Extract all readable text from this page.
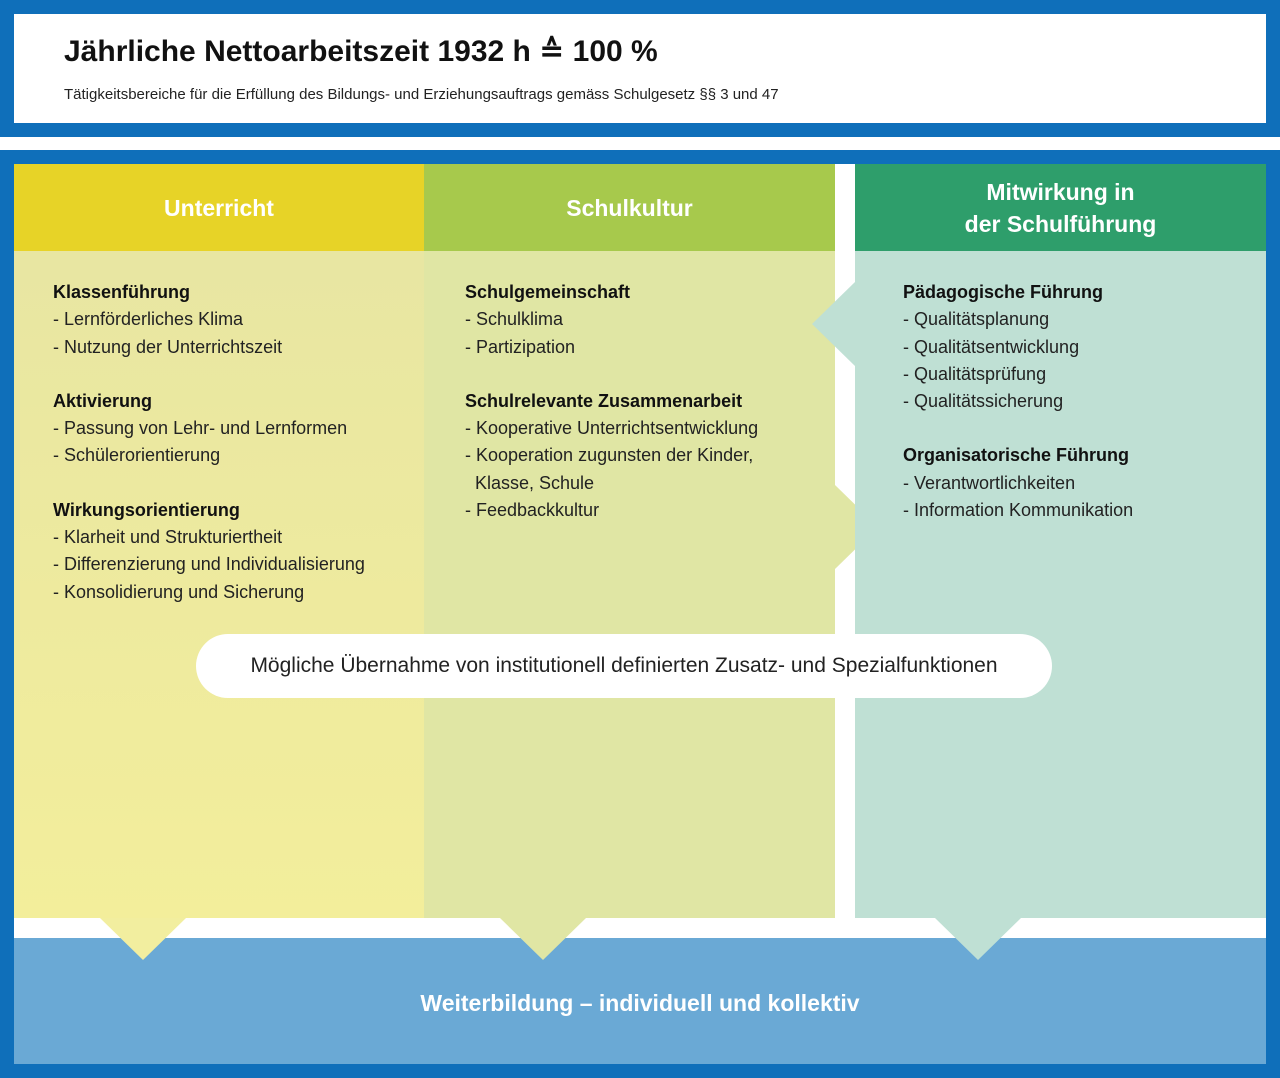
Jährliche Nettoarbeitszeit 1932 h ≙ 100 %
Tätigkeitsbereiche für die Erfüllung des Bildungs- und Erziehungsauftrags gemäss Schulgesetz §§ 3 und 47
Unterricht	Schulkultur
Mitwirkung in
der Schulführung
Klassenführung
- Lernförderliches Klima
- Nutzung der Unterrichtszeit
Aktivierung
- Passung von Lehr- und Lernformen
- Schülerorientierung
Wirkungsorientierung
- Klarheit und Strukturiertheit
- Differenzierung und Individualisierung
- Konsolidierung und Sicherung
Schulgemeinschaft
- Schulklima
- Partizipation
Schulrelevante Zusammenarbeit
- Kooperative Unterrichtsentwicklung
- Kooperation zugunsten der Kinder,
Klasse, Schule
- Feedbackkultur
Pädagogische Führung
- Qualitätsplanung
- Qualitätsentwicklung
- Qualitätsprüfung
- Qualitätssicherung
Organisatorische Führung
- Verantwortlichkeiten
- Information Kommunikation
Mögliche Übernahme von institutionell definierten Zusatz- und Spezialfunktionen
Weiterbildung – individuell und kollektiv
